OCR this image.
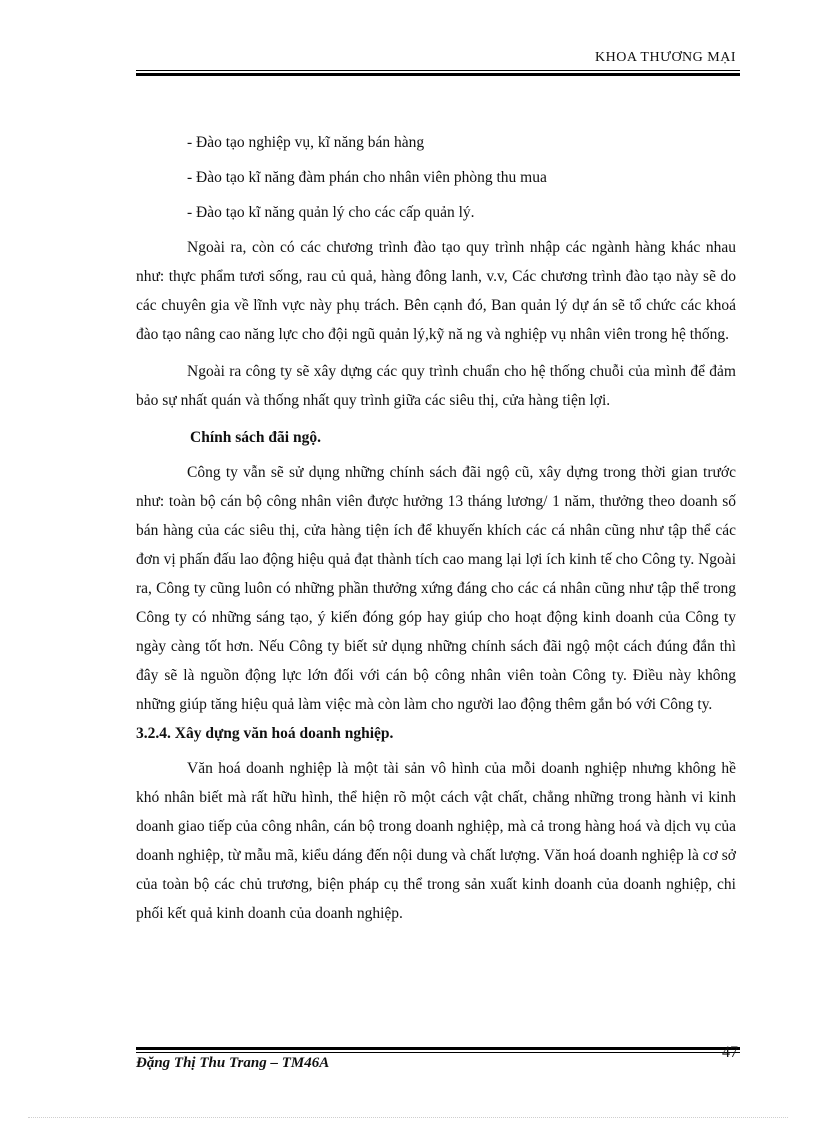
KHOA THƯƠNG MẠI

- Đào tạo nghiệp vụ, kĩ năng bán hàng

- Đào tạo kĩ năng đàm phán cho nhân viên phòng thu mua

- Đào tạo kĩ năng quản lý cho các cấp quản lý.

Ngoài ra, còn có các chương trình đào tạo quy trình nhập các ngành hàng khác nhau như: thực phẩm tươi sống, rau củ quả, hàng đông lanh, v.v, Các chương trình đào tạo này sẽ do các chuyên gia về lĩnh vực này phụ trách. Bên cạnh đó, Ban quản lý dự án sẽ tổ chức các khoá đào tạo nâng cao năng lực cho đội ngũ quản lý,kỹ nă ng và nghiệp vụ nhân viên trong hệ thống.

Ngoài ra công ty sẽ xây dựng các quy trình chuẩn cho hệ thống chuỗi của mình để đảm bảo sự nhất quán và thống nhất quy trình giữa các siêu thị, cửa hàng tiện lợi.

Chính sách đãi ngộ.

Công ty vẫn sẽ sử dụng những chính sách đãi ngộ cũ, xây dựng trong thời gian trước như: toàn bộ cán bộ công nhân viên được hưởng 13 tháng lương/ 1 năm, thưởng theo doanh số bán hàng của các siêu thị, cửa hàng tiện ích để khuyến khích các cá nhân cũng như tập thể các đơn vị phấn đấu lao động hiệu quả đạt thành tích cao mang lại lợi ích kinh tế cho Công ty. Ngoài ra, Công ty cũng luôn có những phần thưởng xứng đáng cho các cá nhân cũng như tập thể trong Công ty có những sáng tạo, ý kiến đóng góp hay giúp cho hoạt động kinh doanh của Công ty ngày càng tốt hơn. Nếu Công ty biết sử dụng những chính sách đãi ngộ một cách đúng đắn thì đây sẽ là nguồn động lực lớn đối với cán bộ công nhân viên toàn Công ty. Điều này không những giúp tăng hiệu quả làm việc mà còn làm cho người lao động thêm gắn bó với Công ty.

3.2.4. Xây dựng văn hoá doanh nghiệp.

Văn hoá doanh nghiệp là một tài sản vô hình của mỗi doanh nghiệp nhưng không hề khó nhân biết mà rất hữu hình, thể hiện rõ một cách vật chất, chẳng những trong hành vi kinh doanh giao tiếp của công nhân, cán bộ trong doanh nghiệp, mà cả trong hàng hoá và dịch vụ của doanh nghiệp, từ mẫu mã, kiểu dáng đến nội dung và chất lượng. Văn hoá doanh nghiệp là cơ sở của toàn bộ các chủ trương, biện pháp cụ thể trong sản xuất kinh doanh của doanh nghiệp, chi phối kết quả kinh doanh của doanh nghiệp.

47
Đặng Thị Thu Trang – TM46A
